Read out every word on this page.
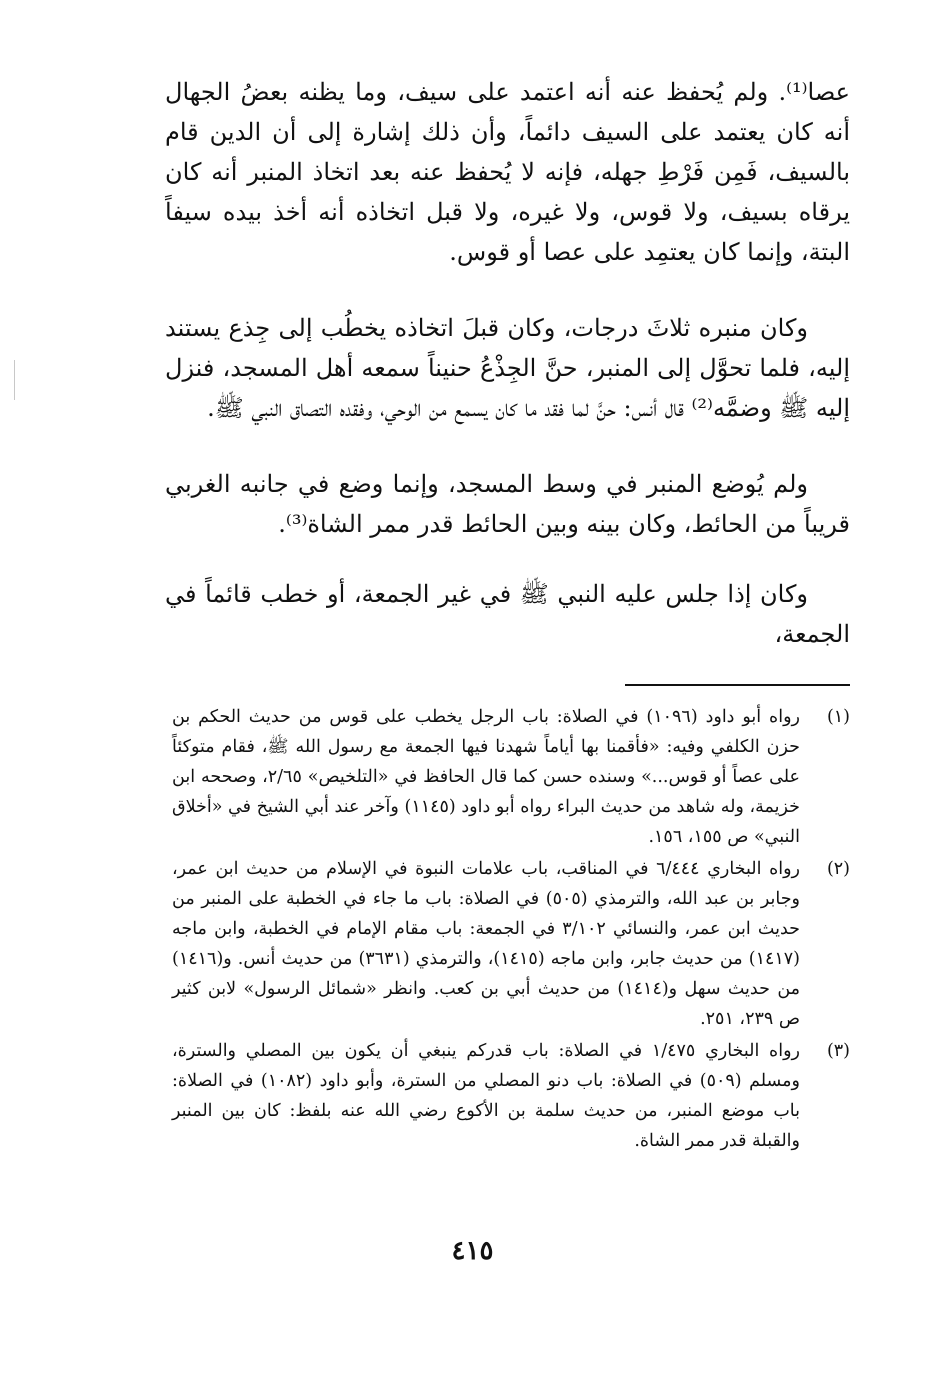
عصا⁽¹⁾. ولم يُحفظ عنه أنه اعتمد على سيف، وما يظنه بعضُ الجهال أنه كان يعتمد على السيف دائماً، وأن ذلك إشارة إلى أن الدين قام بالسيف، فَمِن فَرْطِ جهله، فإنه لا يُحفظ عنه بعد اتخاذ المنبر أنه كان يرقاه بسيف، ولا قوس، ولا غيره، ولا قبل اتخاذه أنه أخذ بيده سيفاً البتة، وإنما كان يعتمِد على عصا أو قوس.

وكان منبره ثلاثَ درجات، وكان قبلَ اتخاذه يخطُب إلى جِذع يستند إليه، فلما تحوَّل إلى المنبر، حنَّ الجِذْعُ حنيناً سمعه أهل المسجد، فنزل إليه ﷺ وضمَّه⁽²⁾ قال أنس: حنَّ لما فقد ما كان يسمع من الوحي، وفقده التصاق النبي ﷺ.

ولم يُوضع المنبر في وسط المسجد، وإنما وضع في جانبه الغربي قريباً من الحائط، وكان بينه وبين الحائط قدر ممر الشاة⁽³⁾.

وكان إذا جلس عليه النبي ﷺ في غير الجمعة، أو خطب قائماً في الجمعة،

(١)
رواه أبو داود (١٠٩٦) في الصلاة: باب الرجل يخطب على قوس من حديث الحكم بن حزن الكلفي وفيه: «فأقمنا بها أياماً شهدنا فيها الجمعة مع رسول الله ﷺ، فقام متوكئاً على عصاً أو قوس...» وسنده حسن كما قال الحافظ في «التلخيص» ٢/٦٥، وصححه ابن خزيمة، وله شاهد من حديث البراء رواه أبو داود (١١٤٥) وآخر عند أبي الشيخ في «أخلاق النبي» ص ١٥٥، ١٥٦.
(٢)
رواه البخاري ٦/٤٤٤ في المناقب، باب علامات النبوة في الإسلام من حديث ابن عمر، وجابر بن عبد الله، والترمذي (٥٠٥) في الصلاة: باب ما جاء في الخطبة على المنبر من حديث ابن عمر، والنسائي ٣/١٠٢ في الجمعة: باب مقام الإمام في الخطبة، وابن ماجه (١٤١٧) من حديث جابر، وابن ماجه (١٤١٥)، والترمذي (٣٦٣١) من حديث أنس. و(١٤١٦) من حديث سهل و(١٤١٤) من حديث أبي بن كعب. وانظر «شمائل الرسول» لابن كثير ص ٢٣٩، ٢٥١.
(٣)
رواه البخاري ١/٤٧٥ في الصلاة: باب قدركم ينبغي أن يكون بين المصلي والسترة، ومسلم (٥٠٩) في الصلاة: باب دنو المصلي من السترة، وأبو داود (١٠٨٢) في الصلاة: باب موضع المنبر، من حديث سلمة بن الأكوع رضي الله عنه بلفظ: كان بين المنبر والقبلة قدر ممر الشاة.
٤١٥
